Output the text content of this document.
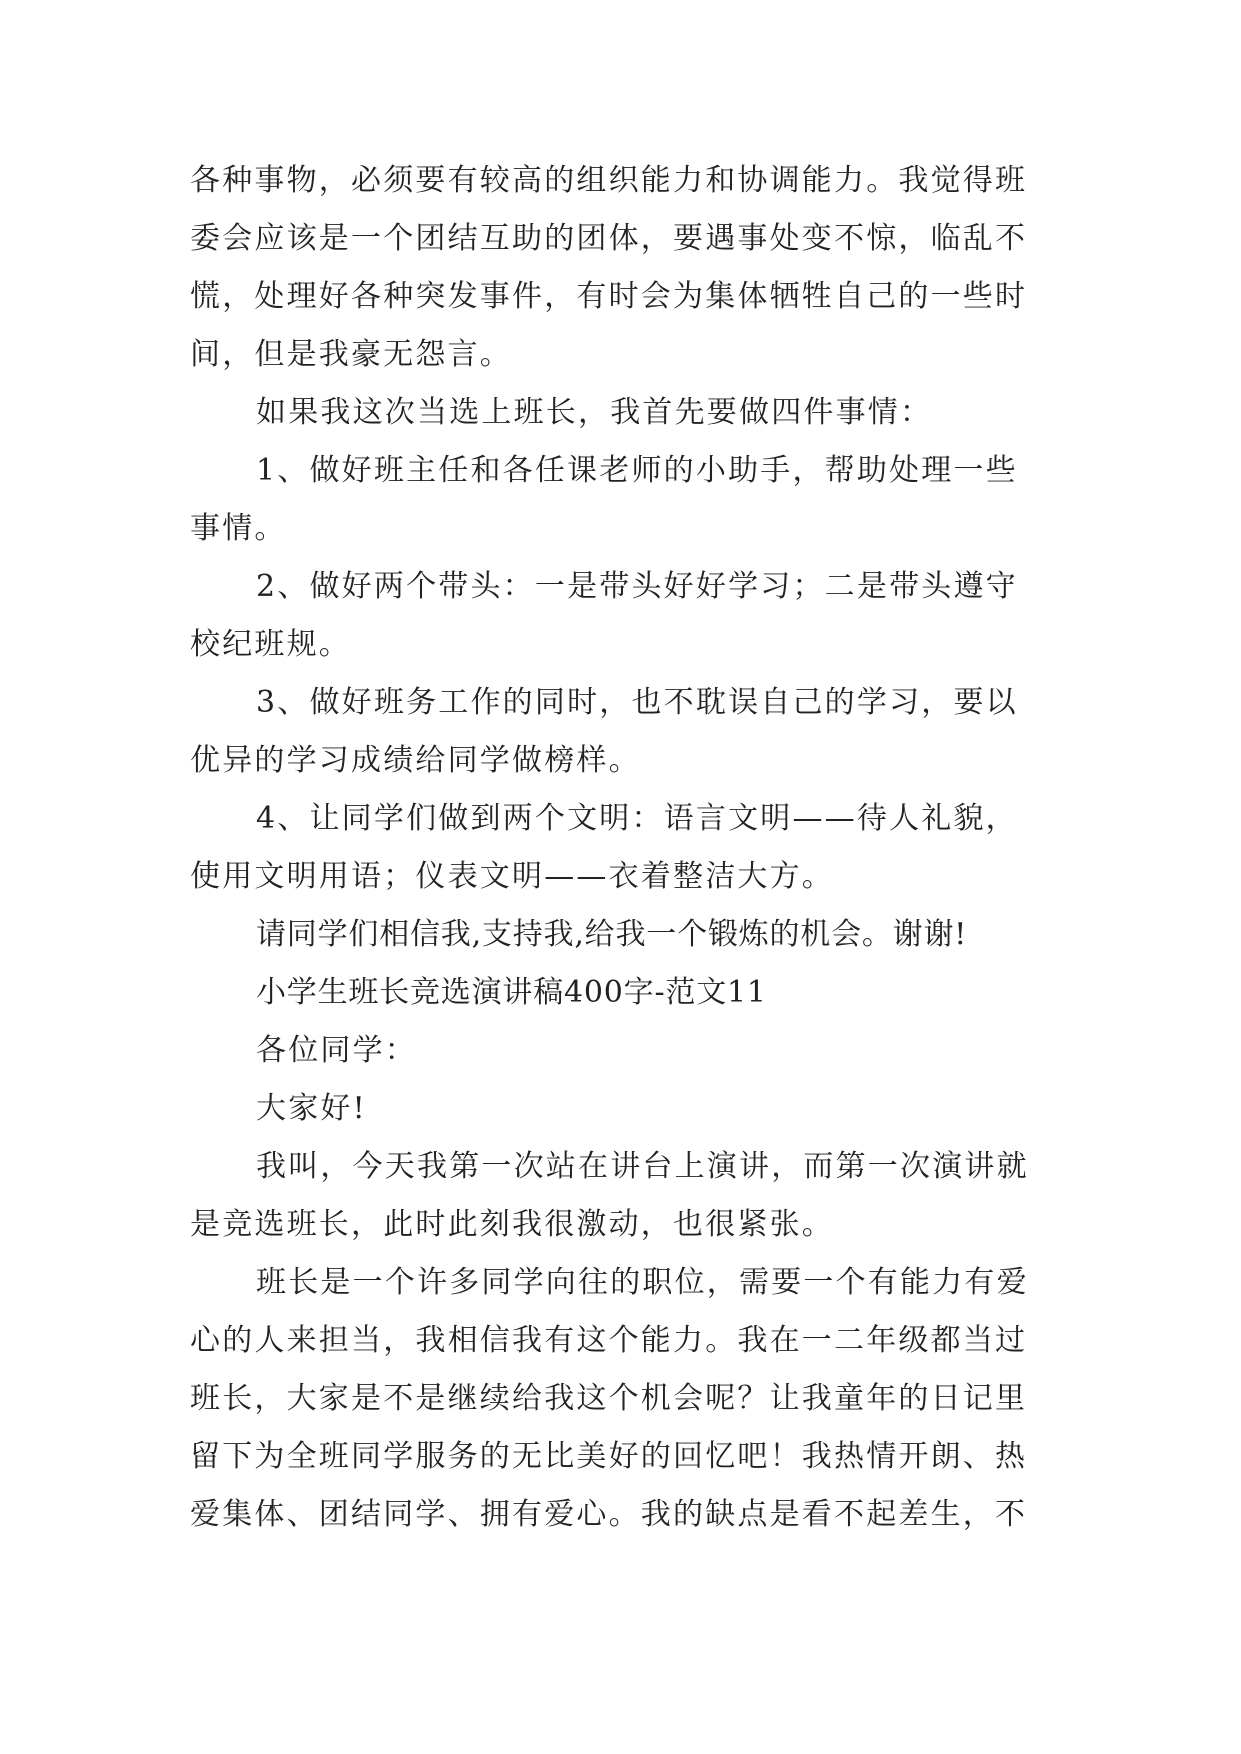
各种事物，必须要有较高的组织能力和协调能力。我觉得班
委会应该是一个团结互助的团体，要遇事处变不惊，临乱不
慌，处理好各种突发事件，有时会为集体牺牲自己的一些时
间，但是我豪无怨言。
如果我这次当选上班长，我首先要做四件事情：
1、做好班主任和各任课老师的小助手，帮助处理一些
事情。
2、做好两个带头：一是带头好好学习；二是带头遵守
校纪班规。
3、做好班务工作的同时，也不耽误自己的学习，要以
优异的学习成绩给同学做榜样。
4、让同学们做到两个文明：语言文明——待人礼貌，
使用文明用语；仪表文明——衣着整洁大方。
请同学们相信我,支持我,给我一个锻炼的机会。谢谢!
小学生班长竞选演讲稿400字-范文11
各位同学：
大家好!
我叫，今天我第一次站在讲台上演讲，而第一次演讲就
是竞选班长，此时此刻我很激动，也很紧张。
班长是一个许多同学向往的职位，需要一个有能力有爱
心的人来担当，我相信我有这个能力。我在一二年级都当过
班长，大家是不是继续给我这个机会呢？让我童年的日记里
留下为全班同学服务的无比美好的回忆吧！我热情开朗、热
爱集体、团结同学、拥有爱心。我的缺点是看不起差生，不
